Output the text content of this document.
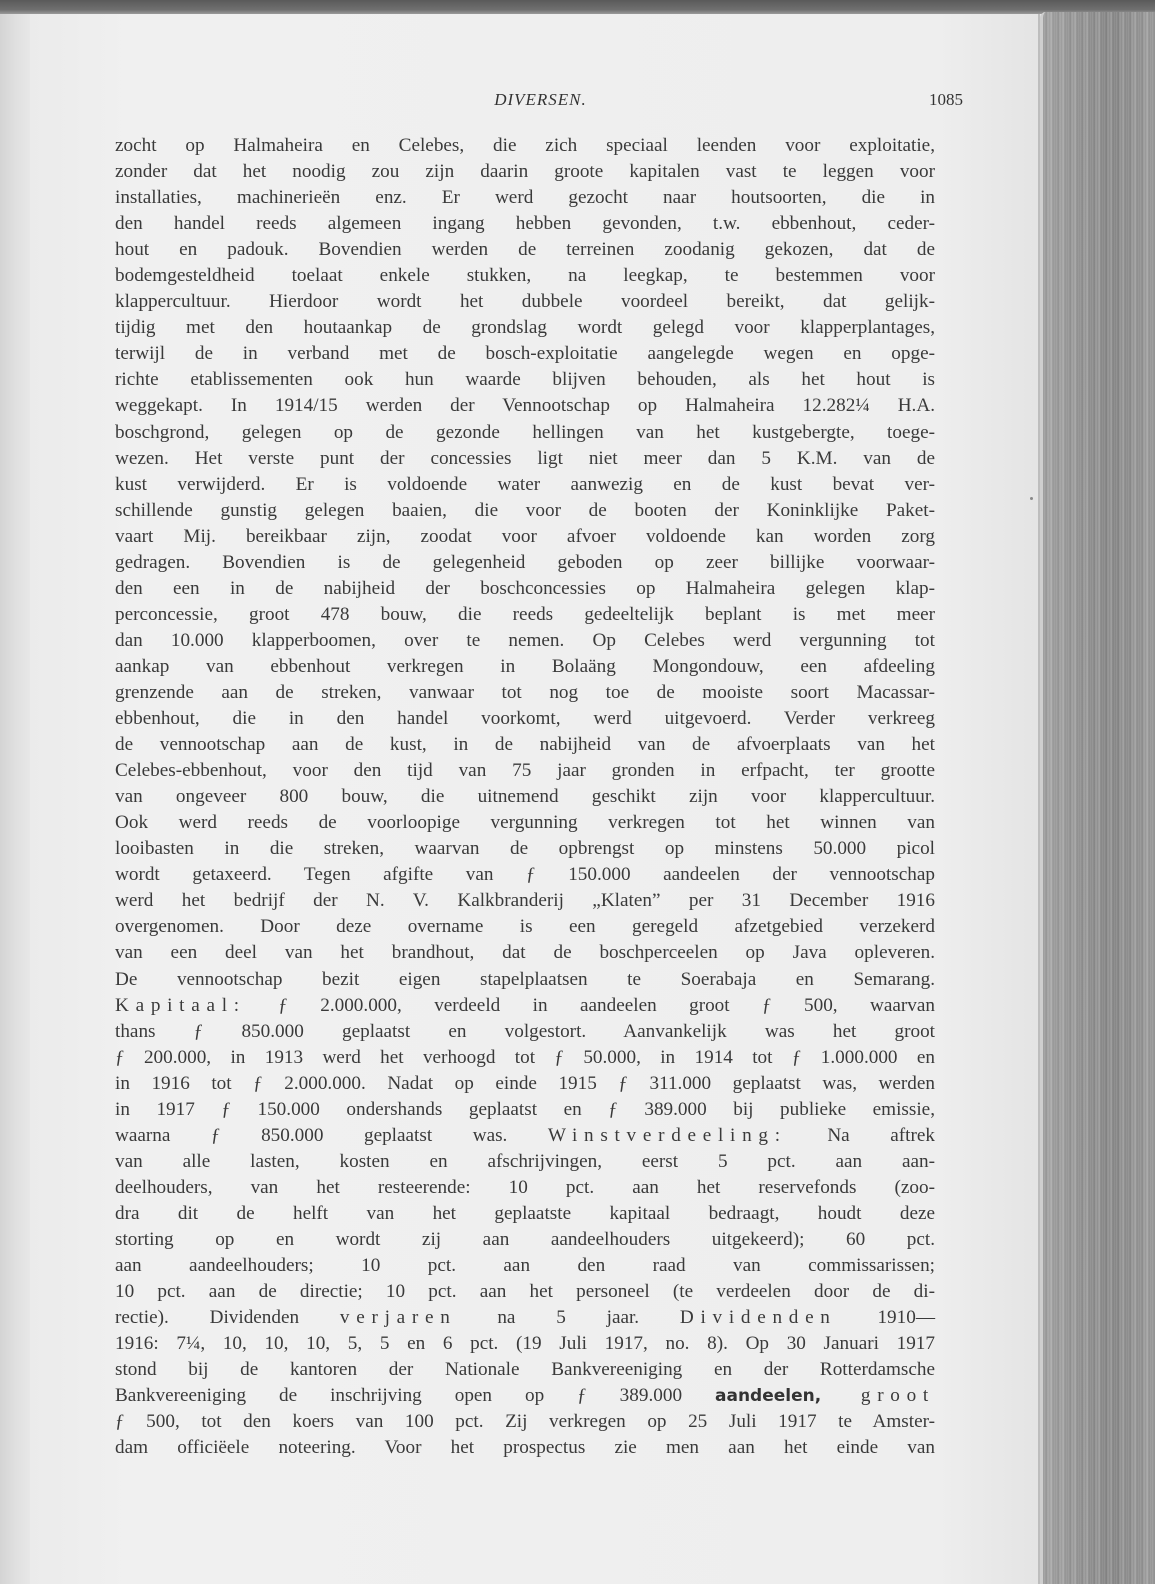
DIVERSEN.	1085
zocht op Halmaheira en Celebes, die zich speciaal leenden voor exploitatie,
zonder dat het noodig zou zijn daarin groote kapitalen vast te leggen voor
installaties, machinerieën enz. Er werd gezocht naar houtsoorten, die in
den handel reeds algemeen ingang hebben gevonden, t.w. ebbenhout, ceder-
hout en padouk. Bovendien werden de terreinen zoodanig gekozen, dat de
bodemgesteldheid toelaat enkele stukken, na leegkap, te bestemmen voor
klappercultuur. Hierdoor wordt het dubbele voordeel bereikt, dat gelijk-
tijdig met den houtaankap de grondslag wordt gelegd voor klapperplantages,
terwijl de in verband met de bosch-exploitatie aangelegde wegen en opge-
richte etablissementen ook hun waarde blijven behouden, als het hout is
weggekapt. In 1914/15 werden der Vennootschap op Halmaheira 12.282¼ H.A.
boschgrond, gelegen op de gezonde hellingen van het kustgebergte, toege-
wezen. Het verste punt der concessies ligt niet meer dan 5 K.M. van de
kust verwijderd. Er is voldoende water aanwezig en de kust bevat ver-
schillende gunstig gelegen baaien, die voor de booten der Koninklijke Paket-
vaart Mij. bereikbaar zijn, zoodat voor afvoer voldoende kan worden zorg
gedragen. Bovendien is de gelegenheid geboden op zeer billijke voorwaar-
den een in de nabijheid der boschconcessies op Halmaheira gelegen klap-
perconcessie, groot 478 bouw, die reeds gedeeltelijk beplant is met meer
dan 10.000 klapperboomen, over te nemen. Op Celebes werd vergunning tot
aankap van ebbenhout verkregen in Bolaäng Mongondouw, een afdeeling
grenzende aan de streken, vanwaar tot nog toe de mooiste soort Macassar-
ebbenhout, die in den handel voorkomt, werd uitgevoerd. Verder verkreeg
de vennootschap aan de kust, in de nabijheid van de afvoerplaats van het
Celebes-ebbenhout, voor den tijd van 75 jaar gronden in erfpacht, ter grootte
van ongeveer 800 bouw, die uitnemend geschikt zijn voor klappercultuur.
Ook werd reeds de voorloopige vergunning verkregen tot het winnen van
looibasten in die streken, waarvan de opbrengst op minstens 50.000 picol
wordt getaxeerd. Tegen afgifte van ƒ 150.000 aandeelen der vennootschap
werd het bedrijf der N. V. Kalkbranderij „Klaten” per 31 December 1916
overgenomen. Door deze overname is een geregeld afzetgebied verzekerd
van een deel van het brandhout, dat de boschperceelen op Java opleveren.
De vennootschap bezit eigen stapelplaatsen te Soerabaja en Semarang.
Kapitaal: ƒ 2.000.000, verdeeld in aandeelen groot ƒ 500, waarvan
thans ƒ 850.000 geplaatst en volgestort. Aanvankelijk was het groot
ƒ 200.000, in 1913 werd het verhoogd tot ƒ 50.000, in 1914 tot ƒ 1.000.000 en
in 1916 tot ƒ 2.000.000. Nadat op einde 1915 ƒ 311.000 geplaatst was, werden
in 1917 ƒ 150.000 ondershands geplaatst en ƒ 389.000 bij publieke emissie,
waarna ƒ 850.000 geplaatst was. Winstverdeeling: Na aftrek
van alle lasten, kosten en afschrijvingen, eerst 5 pct. aan aan-
deelhouders, van het resteerende: 10 pct. aan het reservefonds (zoo-
dra dit de helft van het geplaatste kapitaal bedraagt, houdt deze
storting op en wordt zij aan aandeelhouders uitgekeerd); 60 pct.
aan aandeelhouders; 10 pct. aan den raad van commissarissen;
10 pct. aan de directie; 10 pct. aan het personeel (te verdeelen door de di-
rectie). Dividenden verjaren na 5 jaar. Dividenden 1910—
1916: 7¼, 10, 10, 10, 5, 5 en 6 pct. (19 Juli 1917, no. 8). Op 30 Januari 1917
stond bij de kantoren der Nationale Bankvereeniging en der Rotterdamsche
Bankvereeniging de inschrijving open op ƒ 389.000 aandeelen, groot
ƒ 500, tot den koers van 100 pct. Zij verkregen op 25 Juli 1917 te Amster-
dam officiëele noteering. Voor het prospectus zie men aan het einde van
